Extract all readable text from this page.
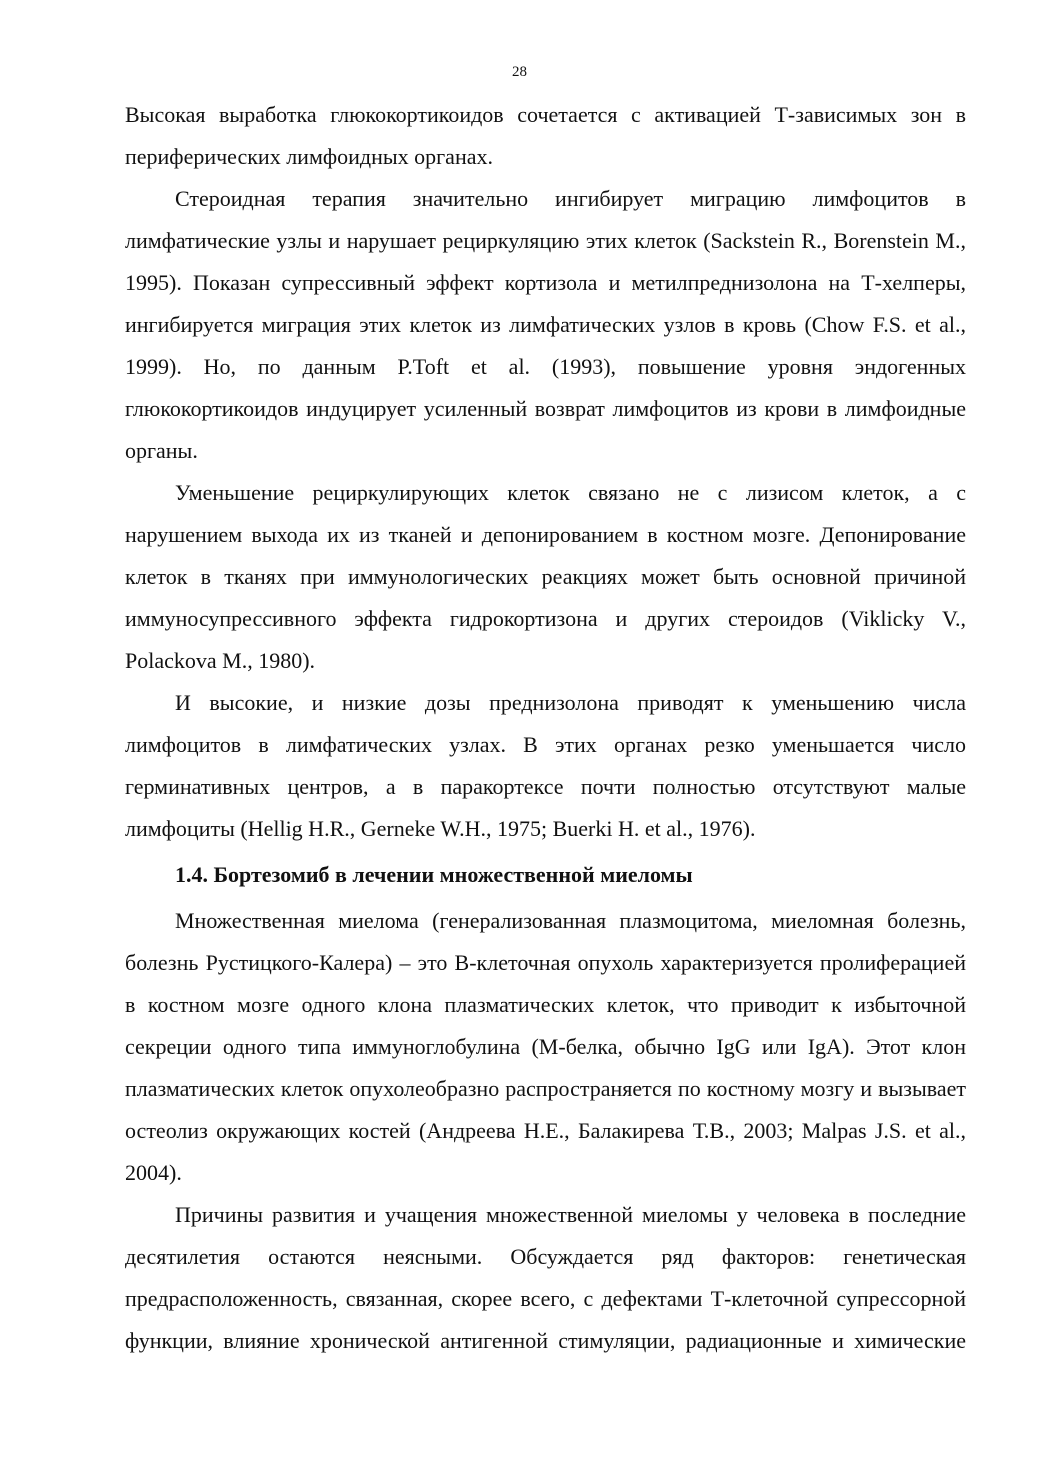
28

Высокая выработка глюкокортикоидов сочетается с активацией Т-зависимых зон в периферических лимфоидных органах.

Стероидная терапия значительно ингибирует миграцию лимфоцитов в лимфатические узлы и нарушает рециркуляцию этих клеток (Sackstein R., Borenstein M., 1995). Показан супрессивный эффект кортизола и метилпреднизолона на Т-хелперы, ингибируется миграция этих клеток из лимфатических узлов в кровь (Chow F.S. et al., 1999). Но, по данным P.Toft et al. (1993), повышение уровня эндогенных глюкокортикоидов индуцирует усиленный возврат лимфоцитов из крови в лимфоидные органы.

Уменьшение рециркулирующих клеток связано не с лизисом клеток, а с нарушением выхода их из тканей и депонированием в костном мозге. Депонирование клеток в тканях при иммунологических реакциях может быть основной причиной иммуносупрессивного эффекта гидрокортизона и других стероидов (Viklicky V., Polackova M., 1980).

И высокие, и низкие дозы преднизолона приводят к уменьшению числа лимфоцитов в лимфатических узлах. В этих органах резко уменьшается число герминативных центров, а в паракортексе почти полностью отсутствуют малые лимфоциты (Hellig H.R., Gerneke W.H., 1975; Buerki H. et al., 1976).

1.4. Бортезомиб в лечении множественной миеломы

Множественная миелома (генерализованная плазмоцитома, миеломная болезнь, болезнь Рустицкого-Калера) – это В-клеточная опухоль характеризуется пролиферацией в костном мозге одного клона плазматических клеток, что приводит к избыточной секреции одного типа иммуноглобулина (М-белка, обычно IgG или IgA). Этот клон плазматических клеток опухолеобразно распространяется по костному мозгу и вызывает остеолиз окружающих костей (Андреева Н.Е., Балакирева Т.В., 2003; Malpas J.S. et al., 2004).

Причины развития и учащения множественной миеломы у человека в последние десятилетия остаются неясными. Обсуждается ряд факторов: генетическая предрасположенность, связанная, скорее всего, с дефектами Т-клеточной супрессорной функции, влияние хронической антигенной стимуляции, радиационные и химические
